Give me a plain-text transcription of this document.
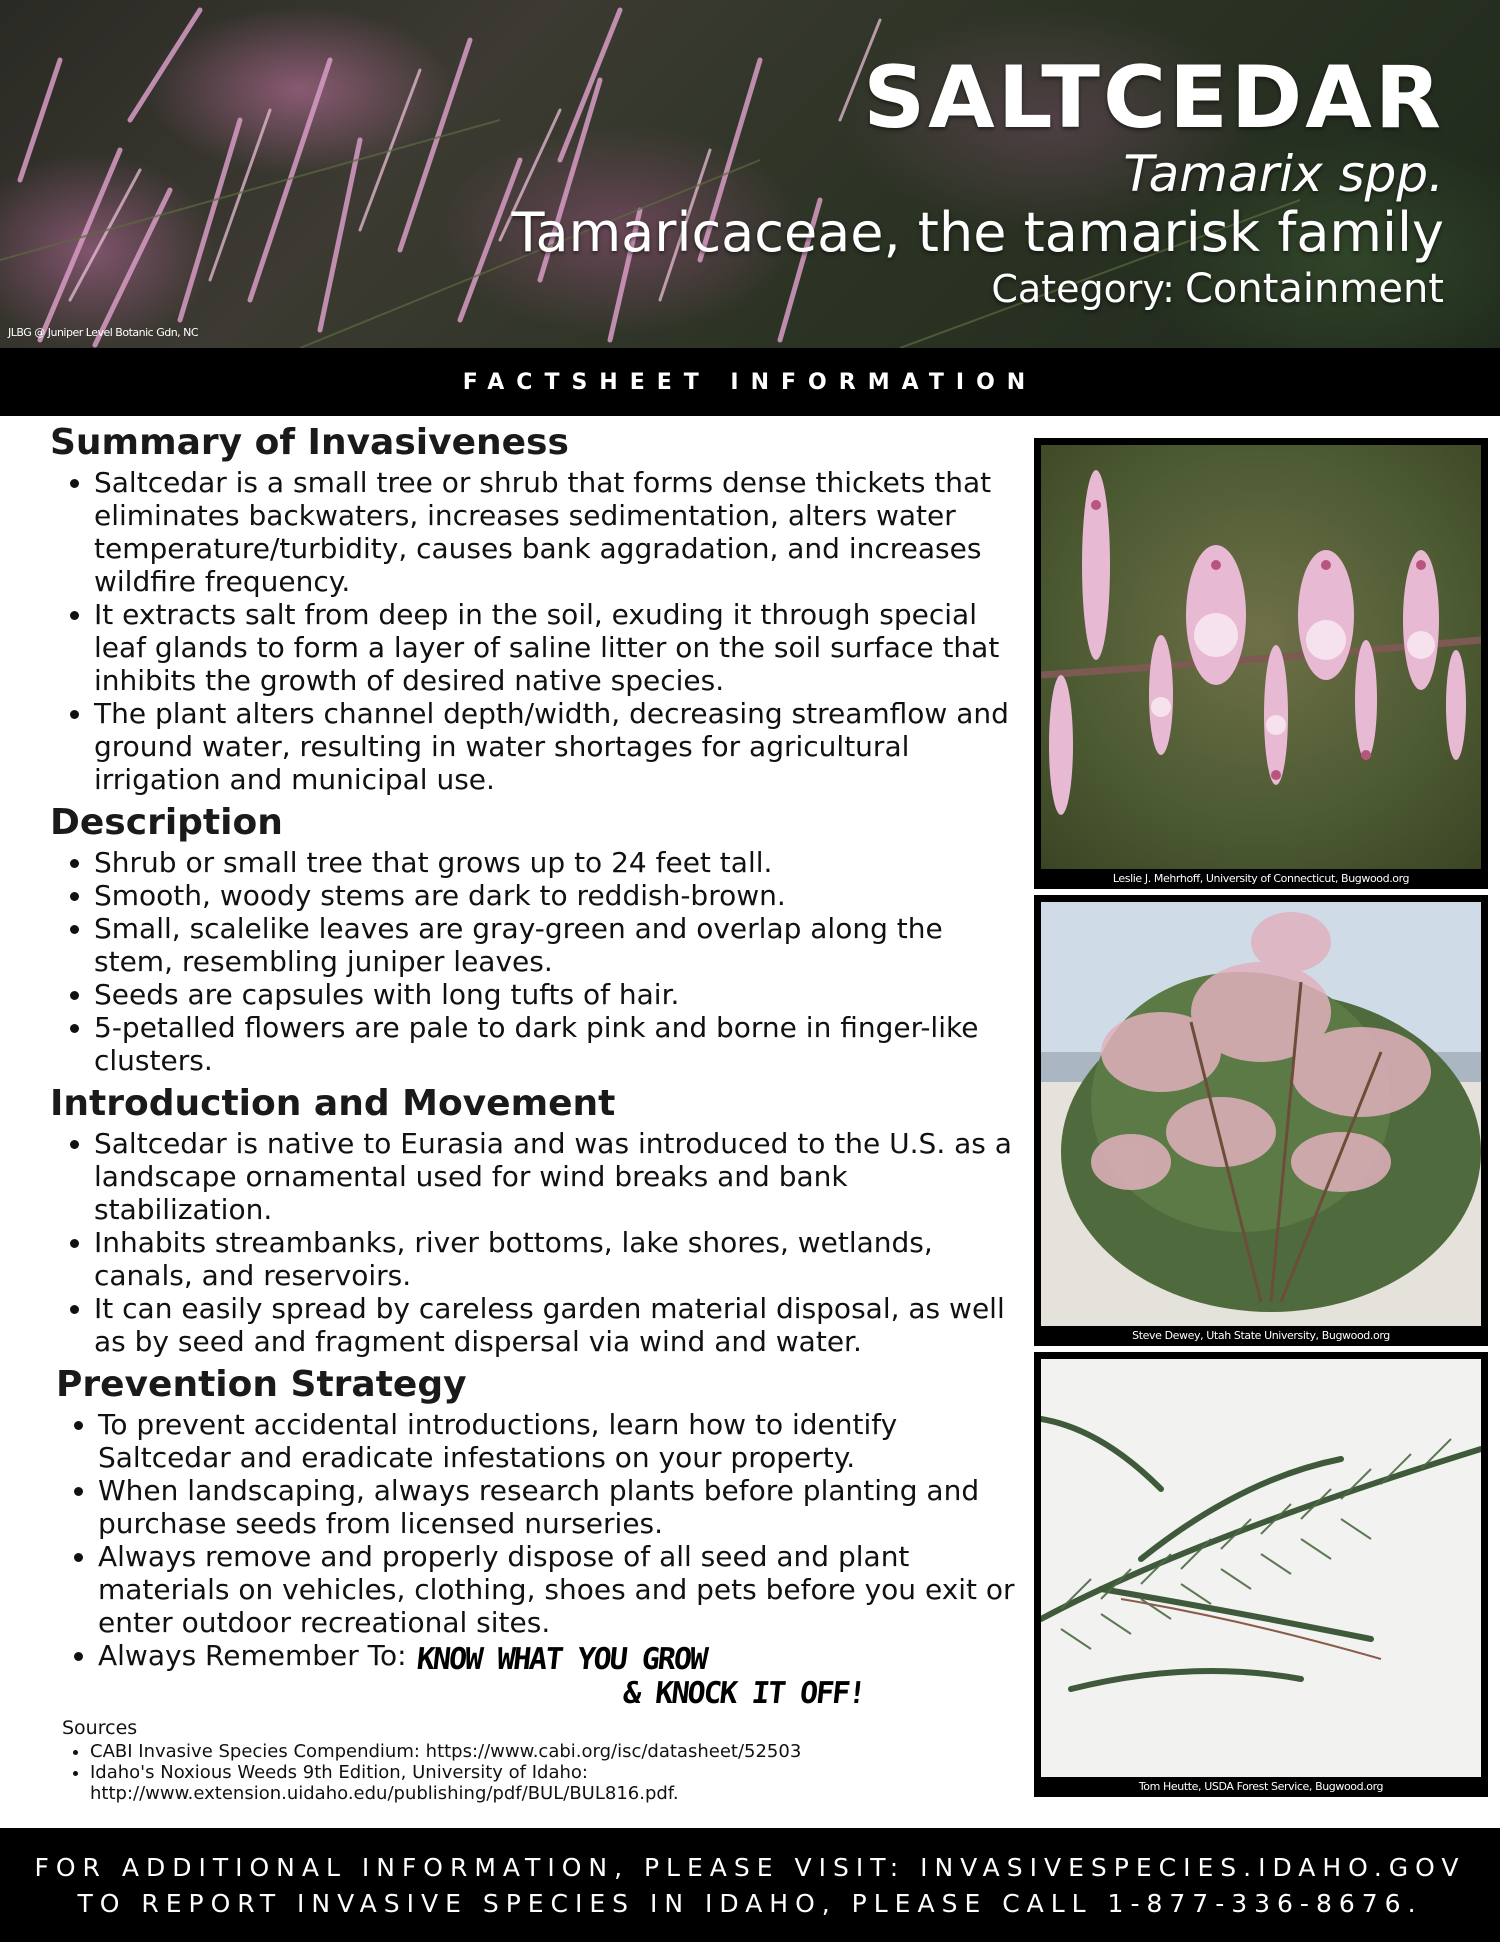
JLBG @ Juniper Level Botanic Gdn, NC
SALTCEDAR
Tamarix spp.
Tamaricaceae, the tamarisk family
Category: Containment
FACTSHEET INFORMATION
Summary of Invasiveness
• Saltcedar is a small tree or shrub that forms dense thickets that eliminates backwaters, increases sedimentation, alters water temperature/turbidity, causes bank aggradation, and increases wildfire frequency.
• It extracts salt from deep in the soil, exuding it through special leaf glands to form a layer of saline litter on the soil surface that inhibits the growth of desired native species.
• The plant alters channel depth/width, decreasing streamflow and ground water, resulting in water shortages for agricultural irrigation and municipal use.
Description
• Shrub or small tree that grows up to 24 feet tall.
• Smooth, woody stems are dark to reddish-brown.
• Small, scalelike leaves are gray-green and overlap along the stem, resembling juniper leaves.
• Seeds are capsules with long tufts of hair.
• 5-petalled flowers are pale to dark pink and borne in finger-like clusters.
Introduction and Movement
• Saltcedar is native to Eurasia and was introduced to the U.S. as a landscape ornamental used for wind breaks and bank stabilization.
• Inhabits streambanks, river bottoms, lake shores, wetlands, canals, and reservoirs.
• It can easily spread by careless garden material disposal, as well as by seed and fragment dispersal via wind and water.
Prevention Strategy
• To prevent accidental introductions, learn how to identify Saltcedar and eradicate infestations on your property.
• When landscaping, always research plants before planting and purchase seeds from licensed nurseries.
• Always remove and properly dispose of all seed and plant materials on vehicles, clothing, shoes and pets before you exit or enter outdoor recreational sites.
• Always Remember To: KNOW WHAT YOU GROW
& KNOCK IT OFF!
Sources
• CABI Invasive Species Compendium: https://www.cabi.org/isc/datasheet/52503
• Idaho's Noxious Weeds 9th Edition, University of Idaho: http://www.extension.uidaho.edu/publishing/pdf/BUL/BUL816.pdf.
Leslie J. Mehrhoff, University of Connecticut, Bugwood.org
Steve Dewey, Utah State University, Bugwood.org
Tom Heutte, USDA Forest Service, Bugwood.org
FOR ADDITIONAL INFORMATION, PLEASE VISIT: INVASIVESPECIES.IDAHO.GOV
TO REPORT INVASIVE SPECIES IN IDAHO, PLEASE CALL 1-877-336-8676.
